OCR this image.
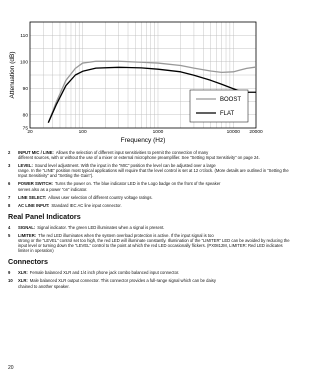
20	100	1000	10000 20000
75
80
90
100
110
BOOST
FLAT
Frequency (Hz)
Attenuation (dB)
2	INPUT MIC / LINE: Allows the selection of different input sensitivities to permit the connection of many
different sources, with or without the use of a mixer or external microphone preamplifier. See “Setting Input Sensitivity” on page 24.
3	LEVEL: Sound level adjustment. With the input in the “MIC” position the level can be adjusted over a large
range. In the “LINE” position most typical applications will require that the level control is set at 12 o’clock. (More details are outlined in “Setting the Input Sensitivity” and “Setting the Gain”).
6	POWER SWITCH: Turns the power on. The blue indicator LED in the Logo badge on the front of the speaker
serves also as a power “on” indicator.
7	LINE SELECT: Allows user selection of different country voltage ratings.
8	AC LINE INPUT: Standard IEC AC line input connector.
Real Panel Indicators
4	SIGNAL: Signal indicator. The green LED illuminates when a signal is present.
5	LIMITER: The red LED illuminates when the system overload protection is active. If the input signal is too
strong or the “LEVEL” control set too high, the red LED will illuminate constantly. Illumination of the “LIMITER” LED can be avoided by reducing the input level or turning down the “LEVEL” control to the point at which the red LED occasionally flickers. (PX0812M, LIMITER: Red LED indicates limiter in operation)
Connectors
9	XLR: Female balanced XLR and 1/4 inch phone jack combo balanced input connector.
10	XLR: Male balanced XLR output connector. This connector provides a full-range signal which can be daisy
chained to another speaker.
20
